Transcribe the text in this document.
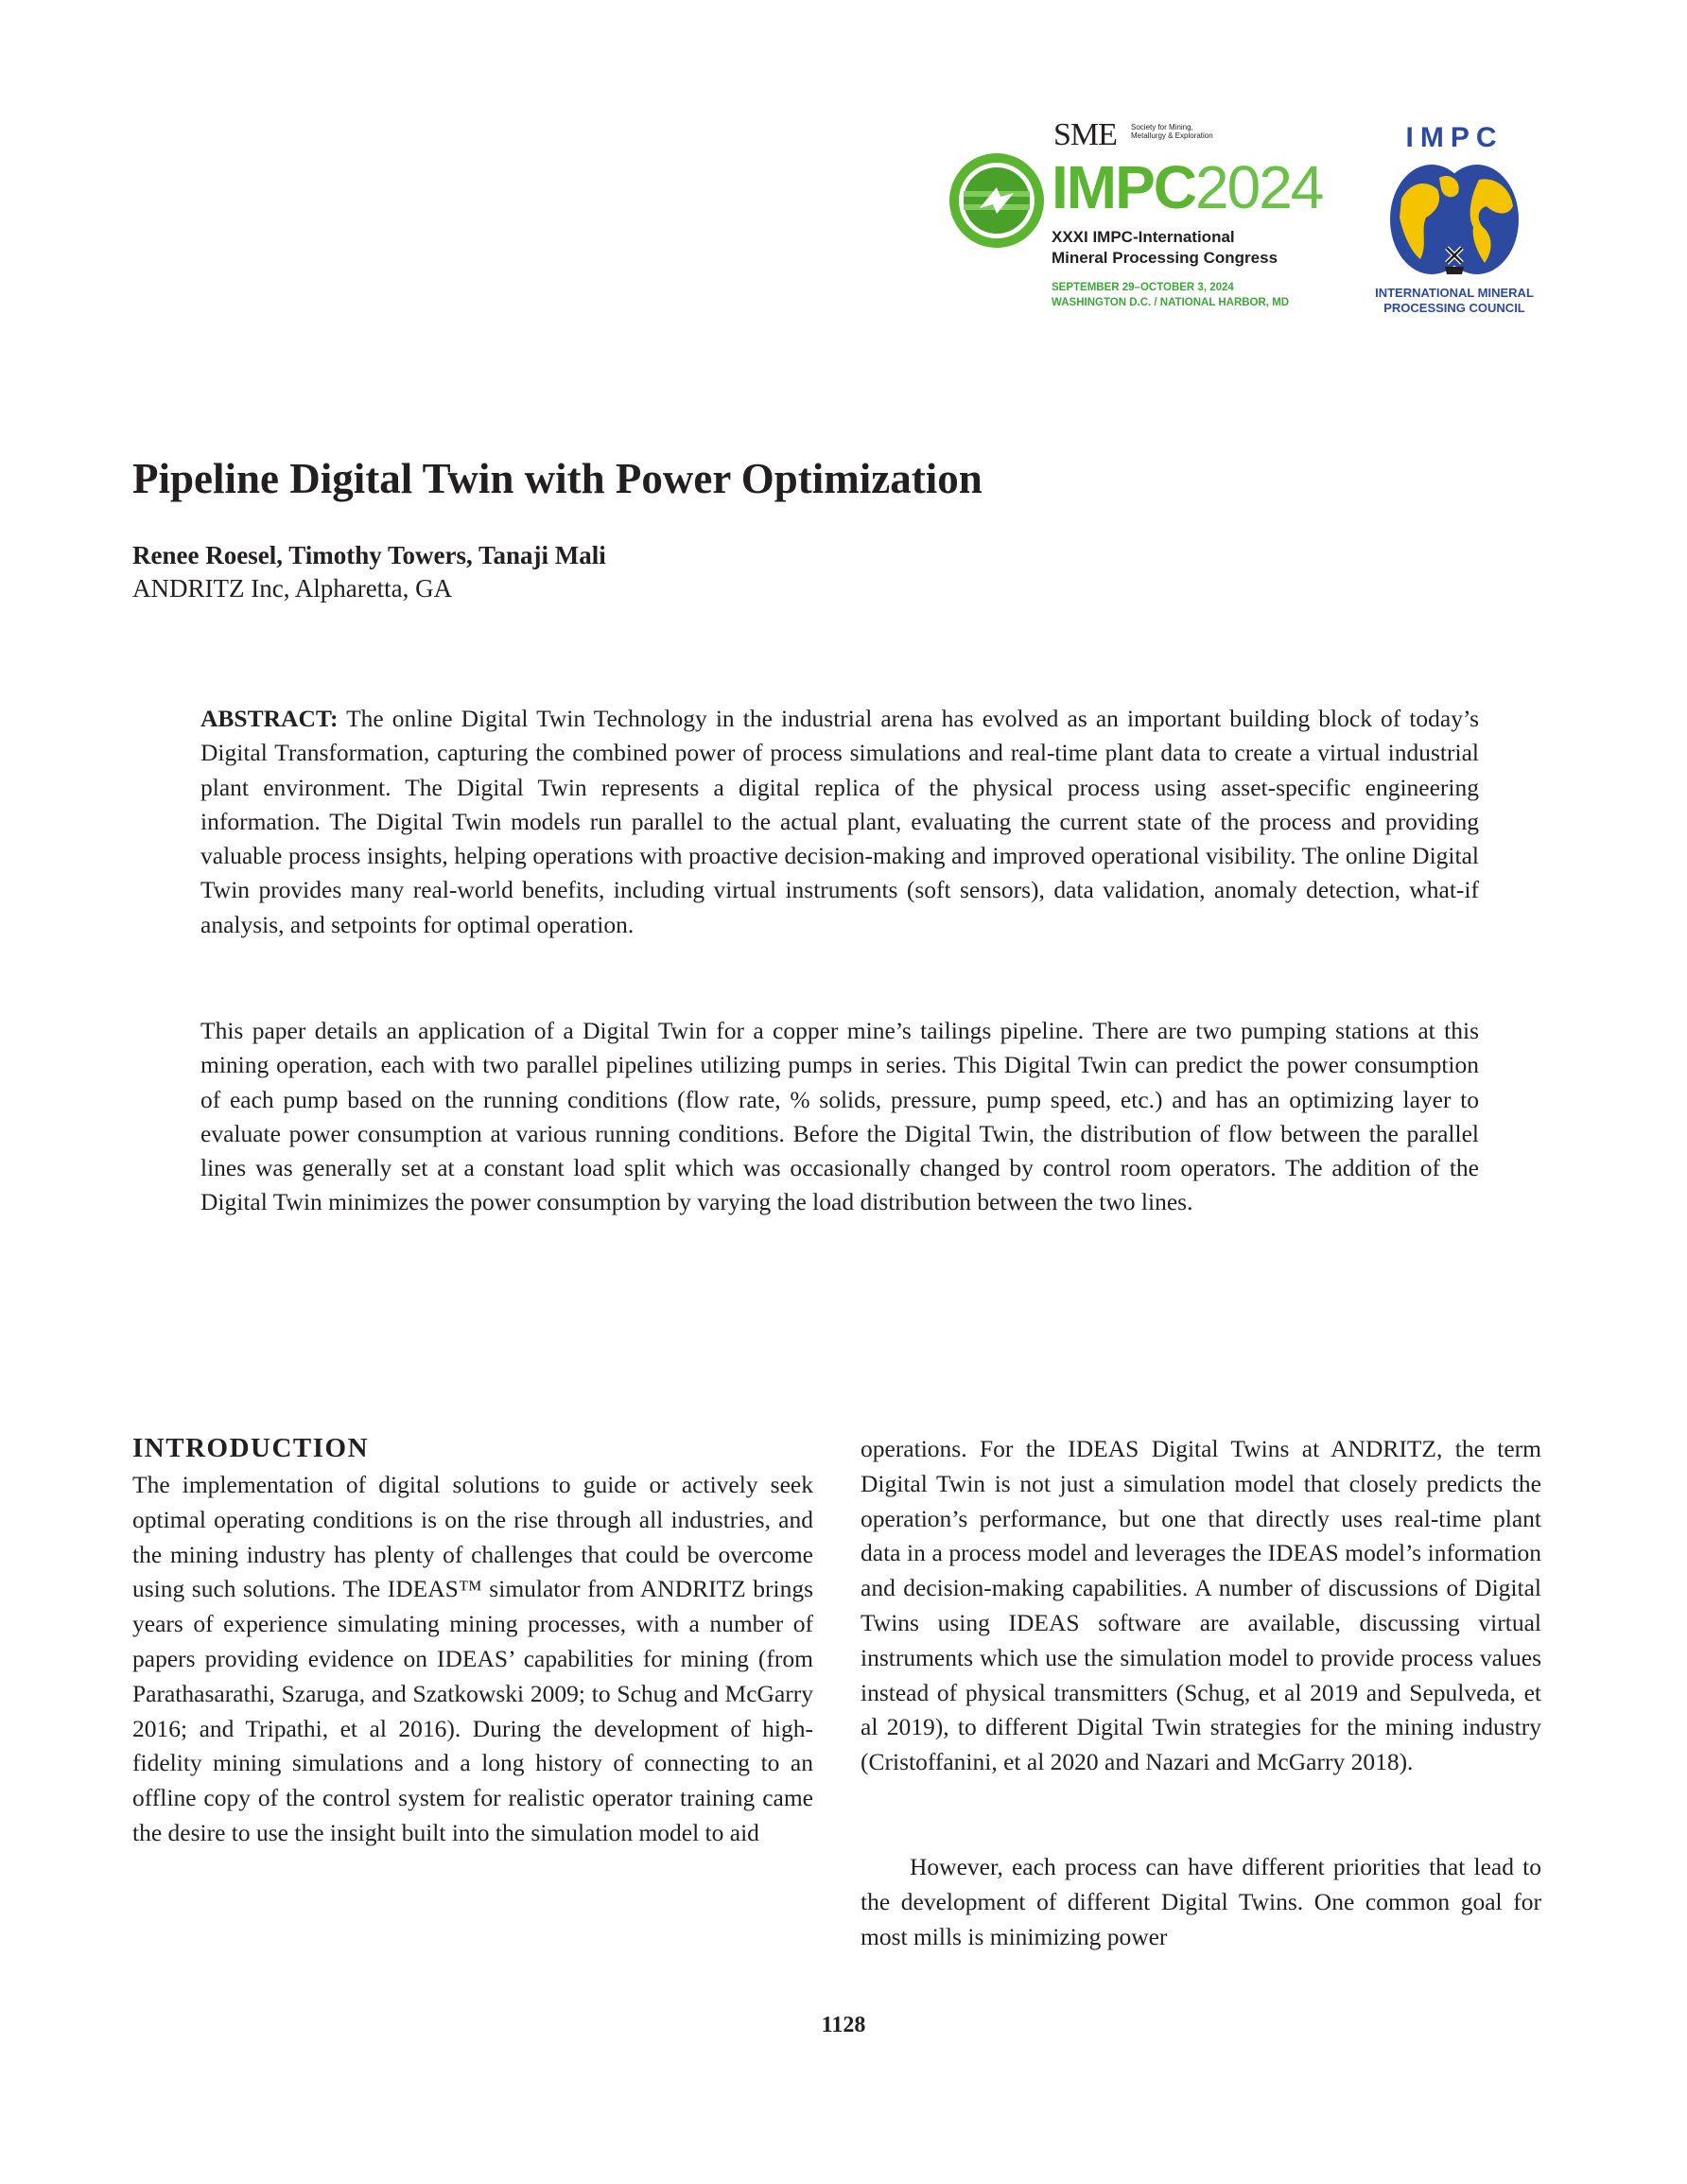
SME Society for Mining, Metallurgy & Exploration
IMPC2024
XXXI IMPC-International
Mineral Processing Congress
SEPTEMBER 29–OCTOBER 3, 2024
WASHINGTON D.C. / NATIONAL HARBOR, MD
IMPC
INTERNATIONAL MINERAL
PROCESSING COUNCIL
Pipeline Digital Twin with Power Optimization
Renee Roesel, Timothy Towers, Tanaji Mali
ANDRITZ Inc, Alpharetta, GA
ABSTRACT: The online Digital Twin Technology in the industrial arena has evolved as an important building block of today’s Digital Transformation, capturing the combined power of process simulations and real-time plant data to create a virtual industrial plant environment. The Digital Twin represents a digital replica of the physical process using asset-specific engineering information. The Digital Twin models run parallel to the actual plant, evaluating the current state of the process and providing valuable process insights, helping operations with proactive decision-making and improved operational visibility. The online Digital Twin provides many real-world benefits, including virtual instruments (soft sensors), data validation, anomaly detection, what-if analysis, and setpoints for optimal operation.
This paper details an application of a Digital Twin for a copper mine’s tailings pipeline. There are two pumping stations at this mining operation, each with two parallel pipelines utilizing pumps in series. This Digital Twin can predict the power consumption of each pump based on the running conditions (flow rate, % solids, pressure, pump speed, etc.) and has an optimizing layer to evaluate power consumption at various running conditions. Before the Digital Twin, the distribution of flow between the parallel lines was generally set at a constant load split which was occasionally changed by control room operators. The addition of the Digital Twin minimizes the power consumption by varying the load distribution between the two lines.
INTRODUCTION
The implementation of digital solutions to guide or actively seek optimal operating conditions is on the rise through all industries, and the mining industry has plenty of challenges that could be overcome using such solutions. The IDEAS™ simulator from ANDRITZ brings years of experience simulating mining processes, with a number of papers providing evidence on IDEAS’ capabilities for mining (from Parathasarathi, Szaruga, and Szatkowski 2009; to Schug and McGarry 2016; and Tripathi, et al 2016). During the development of high-fidelity mining simulations and a long history of connecting to an offline copy of the control system for realistic operator training came the desire to use the insight built into the simulation model to aid
operations. For the IDEAS Digital Twins at ANDRITZ, the term Digital Twin is not just a simulation model that closely predicts the operation’s performance, but one that directly uses real-time plant data in a process model and leverages the IDEAS model’s information and decision-making capabilities. A number of discussions of Digital Twins using IDEAS software are available, discussing virtual instruments which use the simulation model to provide process values instead of physical transmitters (Schug, et al 2019 and Sepulveda, et al 2019), to different Digital Twin strategies for the mining industry (Cristoffanini, et al 2020 and Nazari and McGarry 2018).
However, each process can have different priorities that lead to the development of different Digital Twins. One common goal for most mills is minimizing power
1128
